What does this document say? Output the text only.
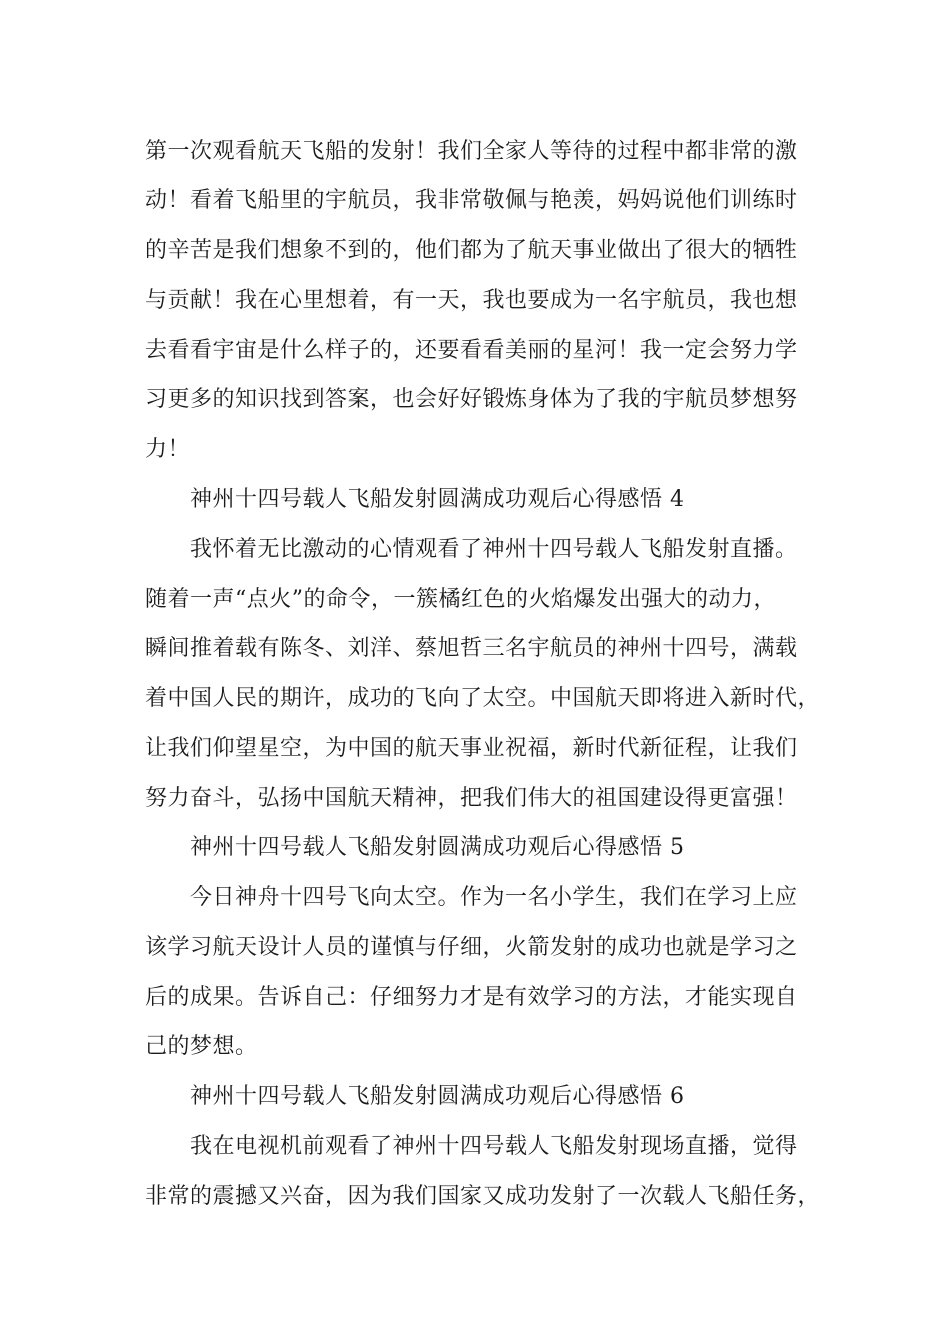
第一次观看航天飞船的发射！我们全家人等待的过程中都非常的激
动！看着飞船里的宇航员，我非常敬佩与艳羡，妈妈说他们训练时
的辛苦是我们想象不到的，他们都为了航天事业做出了很大的牺牲
与贡献！我在心里想着，有一天，我也要成为一名宇航员，我也想
去看看宇宙是什么样子的，还要看看美丽的星河！我一定会努力学
习更多的知识找到答案，也会好好锻炼身体为了我的宇航员梦想努
力！
神州十四号载人飞船发射圆满成功观后心得感悟 4
我怀着无比激动的心情观看了神州十四号载人飞船发射直播。
随着一声“点火”的命令，一簇橘红色的火焰爆发出强大的动力，
瞬间推着载有陈冬、刘洋、蔡旭哲三名宇航员的神州十四号，满载
着中国人民的期许，成功的飞向了太空。中国航天即将进入新时代，
让我们仰望星空，为中国的航天事业祝福，新时代新征程，让我们
努力奋斗，弘扬中国航天精神，把我们伟大的祖国建设得更富强！
神州十四号载人飞船发射圆满成功观后心得感悟 5
今日神舟十四号飞向太空。作为一名小学生，我们在学习上应
该学习航天设计人员的谨慎与仔细，火箭发射的成功也就是学习之
后的成果。告诉自己：仔细努力才是有效学习的方法，才能实现自
己的梦想。
神州十四号载人飞船发射圆满成功观后心得感悟 6
我在电视机前观看了神州十四号载人飞船发射现场直播，觉得
非常的震撼又兴奋，因为我们国家又成功发射了一次载人飞船任务，
